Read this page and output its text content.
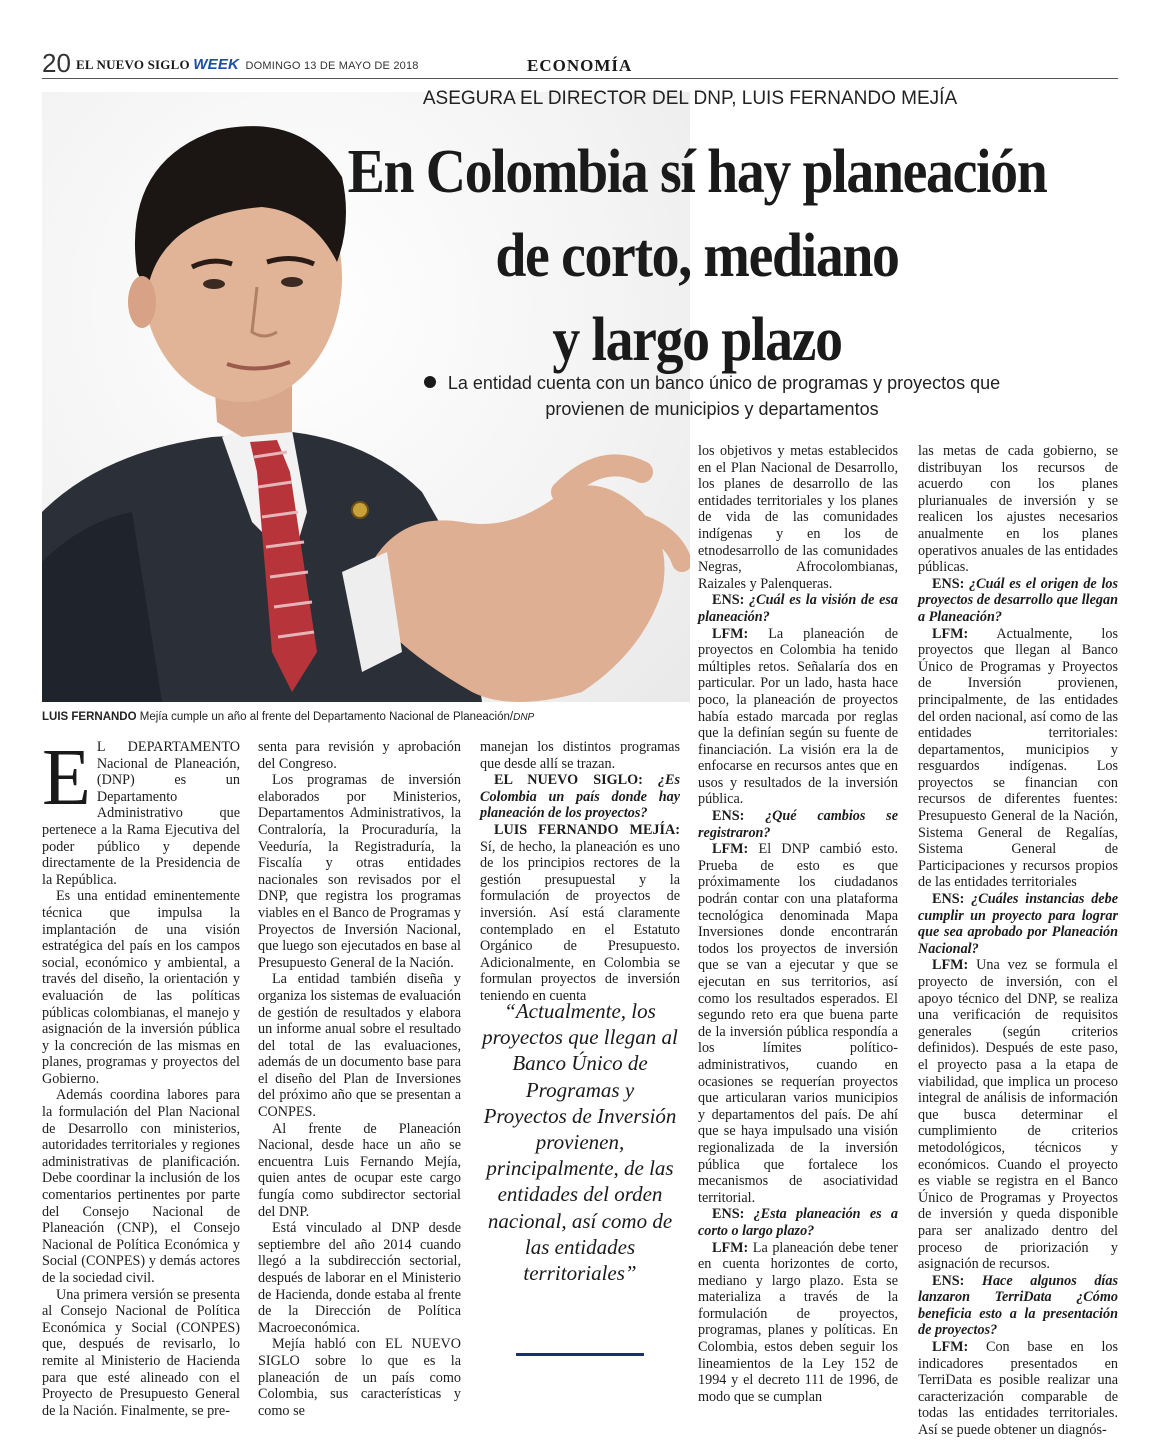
20 EL NUEVO SIGLO WEEK DOMINGO 13 DE MAYO DE 2018	ECONOMÍA
LUIS FERNANDO Mejía cumple un año al frente del Departamento Nacional de Planeación/DNP
ASEGURA EL DIRECTOR DEL DNP, LUIS FERNANDO MEJÍA
En Colombia sí hay planeación
de corto, mediano
y largo plazo
La entidad cuenta con un banco único de programas y proyectos que provienen de municipios y departamentos

E L DEPARTAMENTO Nacional de Planeación, (DNP) es un Departamento Administrativo que pertenece a la Rama Ejecutiva del poder público y depende directamente de la Presidencia de la República.

Es una entidad eminentemente técnica que impulsa la implantación de una visión estratégica del país en los campos social, económico y ambiental, a través del diseño, la orientación y evaluación de las políticas públicas colombianas, el manejo y asignación de la inversión pública y la concreción de las mismas en planes, programas y proyectos del Gobierno.

Además coordina labores para la formulación del Plan Nacional de Desarrollo con ministerios, autoridades territoriales y regiones administrativas de planificación. Debe coordinar la inclusión de los comentarios pertinentes por parte del Consejo Nacional de Planeación (CNP), el Consejo Nacional de Política Económica y Social (CONPES) y demás actores de la sociedad civil.

Una primera versión se presenta al Consejo Nacional de Política Económica y Social (CONPES) que, después de revisarlo, lo remite al Ministerio de Hacienda para que esté alineado con el Proyecto de Presupuesto General de la Nación. Finalmente, se pre-

senta para revisión y aprobación del Congreso.

Los programas de inversión elaborados por Ministerios, Departamentos Administrativos, la Contraloría, la Procuraduría, la Veeduría, la Registraduría, la Fiscalía y otras entidades nacionales son revisados por el DNP, que registra los programas viables en el Banco de Programas y Proyectos de Inversión Nacional, que luego son ejecutados en base al Presupuesto General de la Nación.

La entidad también diseña y organiza los sistemas de evaluación de gestión de resultados y elabora un informe anual sobre el resultado del total de las evaluaciones, además de un documento base para el diseño del Plan de Inversiones del próximo año que se presentan a CONPES.

Al frente de Planeación Nacional, desde hace un año se encuentra Luis Fernando Mejía, quien antes de ocupar este cargo fungía como subdirector sectorial del DNP.

Está vinculado al DNP desde septiembre del año 2014 cuando llegó a la subdirección sectorial, después de laborar en el Ministerio de Hacienda, donde estaba al frente de la Dirección de Política Macroeconómica.

Mejía habló con EL NUEVO SIGLO sobre lo que es la planeación de un país como Colombia, sus características y como se

manejan los distintos programas que desde allí se trazan.

EL NUEVO SIGLO: ¿Es Colombia un país donde hay planeación de los proyectos?

LUIS FERNANDO MEJÍA: Sí, de hecho, la planeación es uno de los principios rectores de la gestión presupuestal y la formulación de proyectos de inversión. Así está claramente contemplado en el Estatuto Orgánico de Presupuesto. Adicionalmente, en Colombia se formulan proyectos de inversión teniendo en cuenta

“Actualmente, los proyectos que llegan al Banco Único de Programas y Proyectos de Inversión provienen, principalmente, de las entidades del orden nacional, así como de las entidades territoriales”

los objetivos y metas establecidos en el Plan Nacional de Desarrollo, los planes de desarrollo de las entidades territoriales y los planes de vida de las comunidades indígenas y en los de etnodesarrollo de las comunidades Negras, Afrocolombianas, Raizales y Palenqueras.

ENS: ¿Cuál es la visión de esa planeación?

LFM: La planeación de proyectos en Colombia ha tenido múltiples retos. Señalaría dos en particular. Por un lado, hasta hace poco, la planeación de proyectos había estado marcada por reglas que la definían según su fuente de financiación. La visión era la de enfocarse en recursos antes que en usos y resultados de la inversión pública.

ENS: ¿Qué cambios se registraron?

LFM: El DNP cambió esto. Prueba de esto es que próximamente los ciudadanos podrán contar con una plataforma tecnológica denominada Mapa Inversiones donde encontrarán todos los proyectos de inversión que se van a ejecutar y que se ejecutan en sus territorios, así como los resultados esperados. El segundo reto era que buena parte de la inversión pública respondía a los límites político-administrativos, cuando en ocasiones se requerían proyectos que articularan varios municipios y departamentos del país. De ahí que se haya impulsado una visión regionalizada de la inversión pública que fortalece los mecanismos de asociatividad territorial.

ENS: ¿Esta planeación es a corto o largo plazo?

LFM: La planeación debe tener en cuenta horizontes de corto, mediano y largo plazo. Esta se materializa a través de la formulación de proyectos, programas, planes y políticas. En Colombia, estos deben seguir los lineamientos de la Ley 152 de 1994 y el decreto 111 de 1996, de modo que se cumplan

las metas de cada gobierno, se distribuyan los recursos de acuerdo con los planes plurianuales de inversión y se realicen los ajustes necesarios anualmente en los planes operativos anuales de las entidades públicas.

ENS: ¿Cuál es el origen de los proyectos de desarrollo que llegan a Planeación?

LFM: Actualmente, los proyectos que llegan al Banco Único de Programas y Proyectos de Inversión provienen, principalmente, de las entidades del orden nacional, así como de las entidades territoriales: departamentos, municipios y resguardos indígenas. Los proyectos se financian con recursos de diferentes fuentes: Presupuesto General de la Nación, Sistema General de Regalías, Sistema General de Participaciones y recursos propios de las entidades territoriales

ENS: ¿Cuáles instancias debe cumplir un proyecto para lograr que sea aprobado por Planeación Nacional?

LFM: Una vez se formula el proyecto de inversión, con el apoyo técnico del DNP, se realiza una verificación de requisitos generales (según criterios definidos). Después de este paso, el proyecto pasa a la etapa de viabilidad, que implica un proceso integral de análisis de información que busca determinar el cumplimiento de criterios metodológicos, técnicos y económicos. Cuando el proyecto es viable se registra en el Banco Único de Programas y Proyectos de inversión y queda disponible para ser analizado dentro del proceso de priorización y asignación de recursos.

ENS: Hace algunos días lanzaron TerriData ¿Cómo beneficia esto a la presentación de proyectos?

LFM: Con base en los indicadores presentados en TerriData es posible realizar una caracterización comparable de todas las entidades territoriales. Así se puede obtener un diagnós-
